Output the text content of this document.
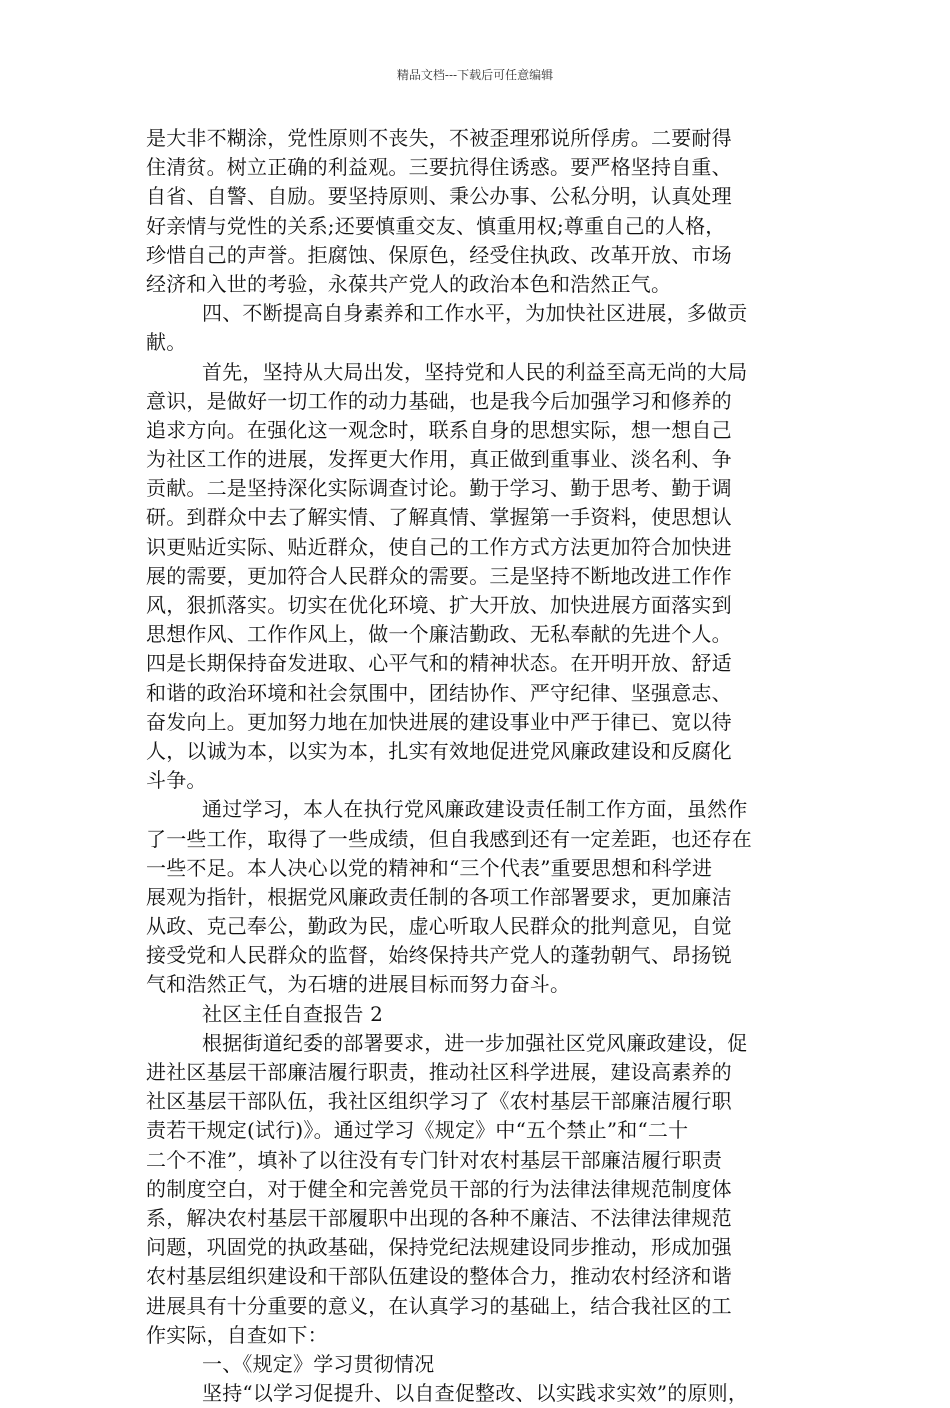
精品文档---下载后可任意编辑
是大非不糊涂，党性原则不丧失，不被歪理邪说所俘虏。二要耐得
住清贫。树立正确的利益观。三要抗得住诱惑。要严格坚持自重、
自省、自警、自励。要坚持原则、秉公办事、公私分明，认真处理
好亲情与党性的关系;还要慎重交友、慎重用权;尊重自己的人格，
珍惜自己的声誉。拒腐蚀、保原色，经受住执政、改革开放、市场
经济和入世的考验，永葆共产党人的政治本色和浩然正气。
四、不断提高自身素养和工作水平，为加快社区进展，多做贡
献。
首先，坚持从大局出发，坚持党和人民的利益至高无尚的大局
意识，是做好一切工作的动力基础，也是我今后加强学习和修养的
追求方向。在强化这一观念时，联系自身的思想实际，想一想自己
为社区工作的进展，发挥更大作用，真正做到重事业、淡名利、争
贡献。二是坚持深化实际调查讨论。勤于学习、勤于思考、勤于调
研。到群众中去了解实情、了解真情、掌握第一手资料，使思想认
识更贴近实际、贴近群众，使自己的工作方式方法更加符合加快进
展的需要，更加符合人民群众的需要。三是坚持不断地改进工作作
风，狠抓落实。切实在优化环境、扩大开放、加快进展方面落实到
思想作风、工作作风上，做一个廉洁勤政、无私奉献的先进个人。
四是长期保持奋发进取、心平气和的精神状态。在开明开放、舒适
和谐的政治环境和社会氛围中，团结协作、严守纪律、坚强意志、
奋发向上。更加努力地在加快进展的建设事业中严于律已、宽以待
人，以诚为本，以实为本，扎实有效地促进党风廉政建设和反腐化
斗争。
通过学习，本人在执行党风廉政建设责任制工作方面，虽然作
了一些工作，取得了一些成绩，但自我感到还有一定差距，也还存在
一些不足。本人决心以党的精神和“三个代表”重要思想和科学进
展观为指针，根据党风廉政责任制的各项工作部署要求，更加廉洁
从政、克己奉公，勤政为民，虚心听取人民群众的批判意见，自觉
接受党和人民群众的监督，始终保持共产党人的蓬勃朝气、昂扬锐
气和浩然正气，为石塘的进展目标而努力奋斗。
社区主任自查报告 2
根据街道纪委的部署要求，进一步加强社区党风廉政建设，促
进社区基层干部廉洁履行职责，推动社区科学进展，建设高素养的
社区基层干部队伍，我社区组织学习了《农村基层干部廉洁履行职
责若干规定(试行)》。通过学习《规定》中“五个禁止”和“二十
二个不准”，填补了以往没有专门针对农村基层干部廉洁履行职责
的制度空白，对于健全和完善党员干部的行为法律法律规范制度体
系，解决农村基层干部履职中出现的各种不廉洁、不法律法律规范
问题，巩固党的执政基础，保持党纪法规建设同步推动，形成加强
农村基层组织建设和干部队伍建设的整体合力，推动农村经济和谐
进展具有十分重要的意义，在认真学习的基础上，结合我社区的工
作实际，自查如下：
一、《规定》学习贯彻情况
坚持“以学习促提升、以自查促整改、以实践求实效”的原则，
